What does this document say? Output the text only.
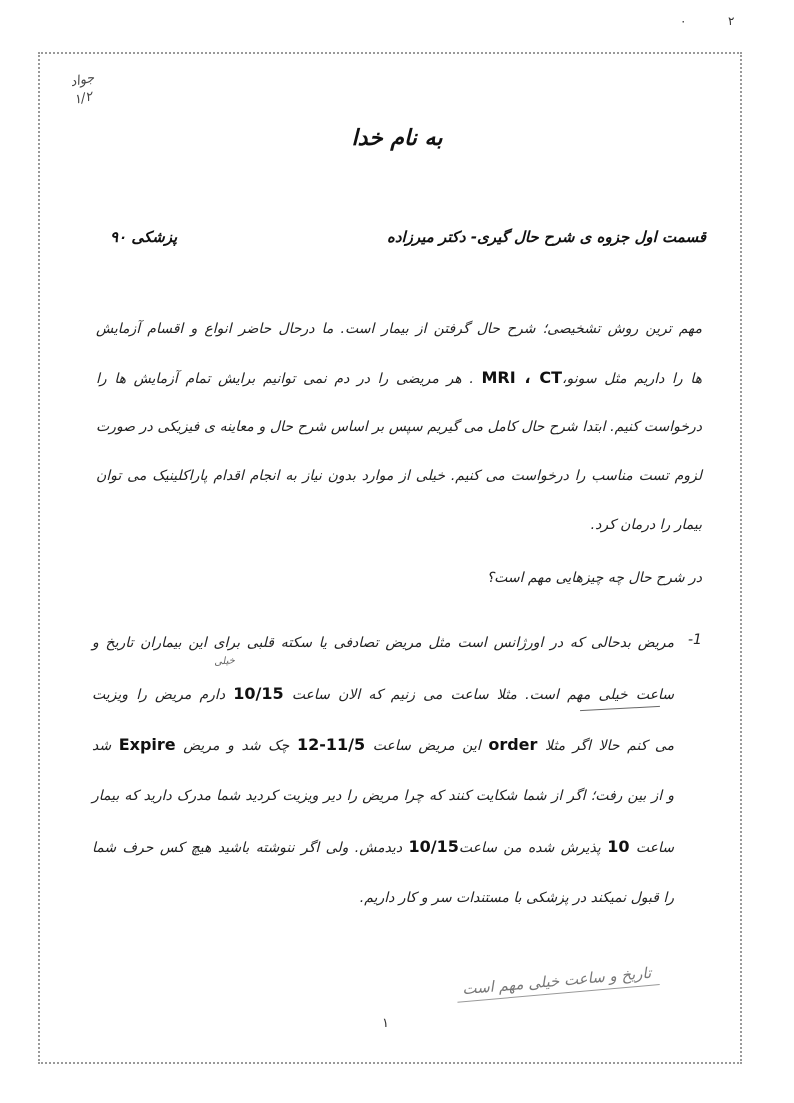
٠	٢
جواد
۱/۲
به نام خدا
قسمت اول جزوه ی شرح حال گیری- دکتر میرزاده
پزشکی ۹۰
مهم ترین روش تشخیصی؛ شرح حال گرفتن از بیمار است. ما درحال حاضر انواع و اقسام آزمایش
ها را داریم مثل سونو،MRI ، CT . هر مریضی را در دم نمی توانیم برایش تمام آزمایش ها را
درخواست کنیم. ابتدا شرح حال کامل می گیریم سپس بر اساس شرح حال و معاینه ی فیزیکی در صورت
لزوم تست مناسب را درخواست می کنیم. خیلی از موارد بدون نیاز به انجام اقدام پاراکلینیک می توان
بیمار را درمان کرد.
در شرح حال چه چیزهایی مهم است؟
-1
مریض بدحالی که در اورژانس است مثل مریض تصادفی یا سکته قلبی برای این بیماران تاریخ و
ساعت خیلی مهم است. مثلا ساعت می زنیم که الان ساعت 10/15 دارم مریض را ویزیت
می کنم حالا اگر مثلا order این مریض ساعت 11/5-12 چک شد و مریض Expire شد
و از بین رفت؛ اگر از شما شکایت کنند که چرا مریض را دیر ویزیت کردید شما مدرک دارید که بیمار
ساعت 10 پذیرش شده من ساعت10/15 دیدمش. ولی اگر ننوشته باشید هیچ کس حرف شما
را قبول نمیکند در پزشکی با مستندات سر و کار داریم.
خیلی
تاریخ و ساعت خیلی مهم است
۱
